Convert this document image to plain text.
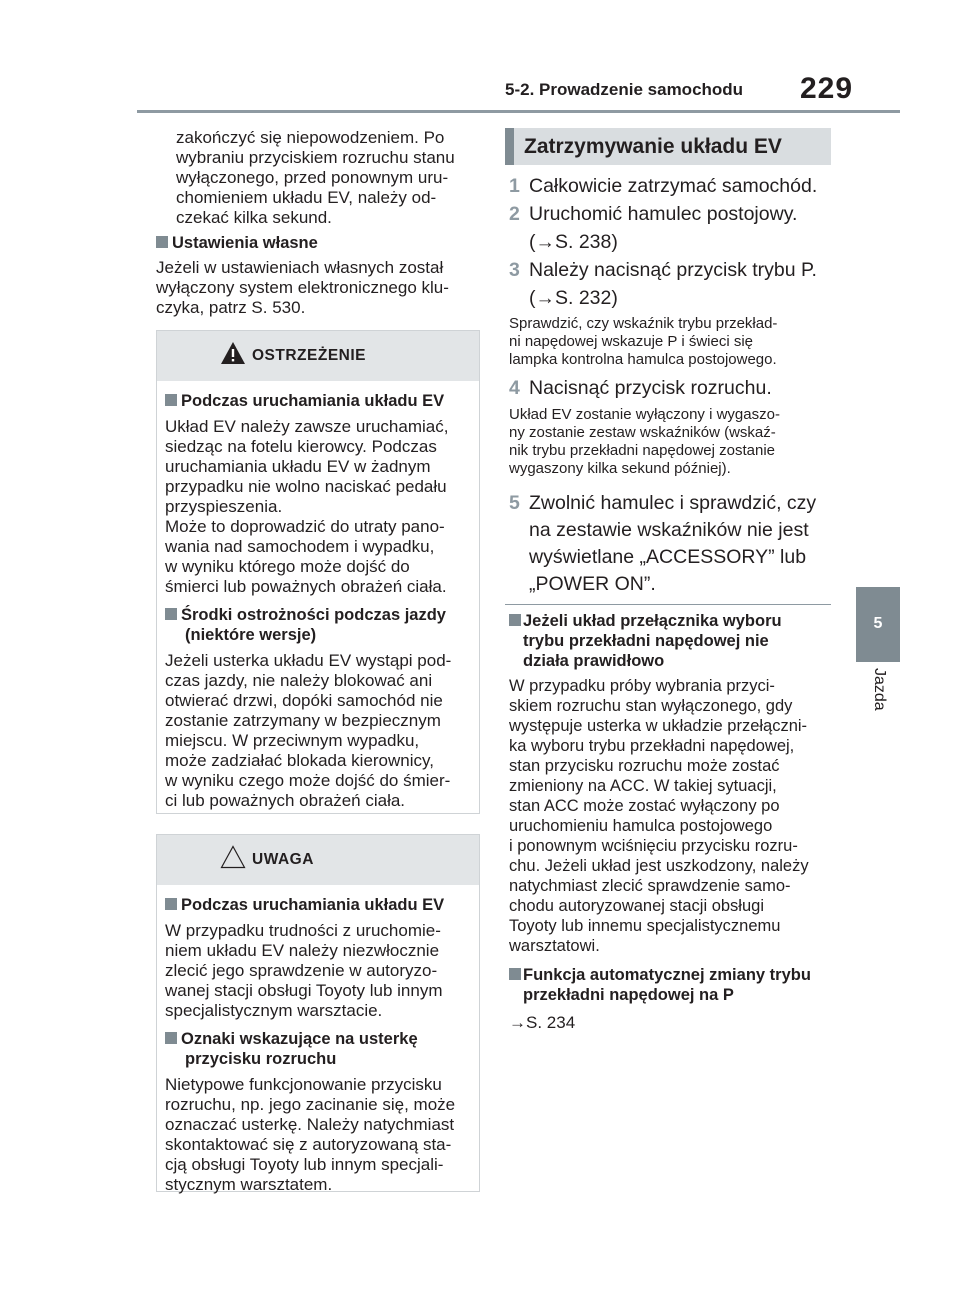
5-2. Prowadzenie samochodu 229
5
Jazda
zakończyć się niepowodzeniem. Po
wybraniu przyciskiem rozruchu stanu
wyłączonego, przed ponownym uru-
chomieniem układu EV, należy od-
czekać kilka sekund.
Ustawienia własne
Jeżeli w ustawieniach własnych został
wyłączony system elektronicznego klu-
czyka, patrz S. 530.
OSTRZEŻENIE
Podczas uruchamiania układu EV
Układ EV należy zawsze uruchamiać,
siedząc na fotelu kierowcy. Podczas
uruchamiania układu EV w żadnym
przypadku nie wolno naciskać pedału
przyspieszenia.
Może to doprowadzić do utraty pano-
wania nad samochodem i wypadku,
w wyniku którego może dojść do
śmierci lub poważnych obrażeń ciała.
Środki ostrożności podczas jazdy
(niektóre wersje)
Jeżeli usterka układu EV wystąpi pod-
czas jazdy, nie należy blokować ani
otwierać drzwi, dopóki samochód nie
zostanie zatrzymany w bezpiecznym
miejscu. W przeciwnym wypadku,
może zadziałać blokada kierownicy,
w wyniku czego może dojść do śmier-
ci lub poważnych obrażeń ciała.
UWAGA
Podczas uruchamiania układu EV
W przypadku trudności z uruchomie-
niem układu EV należy niezwłocznie
zlecić jego sprawdzenie w autoryzo-
wanej stacji obsługi Toyoty lub innym
specjalistycznym warsztacie.
Oznaki wskazujące na usterkę
przycisku rozruchu
Nietypowe funkcjonowanie przycisku
rozruchu, np. jego zacinanie się, może
oznaczać usterkę. Należy natychmiast
skontaktować się z autoryzowaną sta-
cją obsługi Toyoty lub innym specjali-
stycznym warsztatem.
Zatrzymywanie układu EV
1 Całkowicie zatrzymać samochód.
2 Uruchomić hamulec postojowy.
(→S. 238)
3 Należy nacisnąć przycisk trybu P.
(→S. 232)
Sprawdzić, czy wskaźnik trybu przekład-
ni napędowej wskazuje P i świeci się
lampka kontrolna hamulca postojowego.
4 Nacisnąć przycisk rozruchu.
Układ EV zostanie wyłączony i wygaszo-
ny zostanie zestaw wskaźników (wskaź-
nik trybu przekładni napędowej zostanie
wygaszony kilka sekund później).
5 Zwolnić hamulec i sprawdzić, czy
na zestawie wskaźników nie jest
wyświetlane „ACCESSORY” lub
„POWER ON”.
Jeżeli układ przełącznika wyboru
trybu przekładni napędowej nie
działa prawidłowo
W przypadku próby wybrania przyci-
skiem rozruchu stan wyłączonego, gdy
występuje usterka w układzie przełączni-
ka wyboru trybu przekładni napędowej,
stan przycisku rozruchu może zostać
zmieniony na ACC. W takiej sytuacji,
stan ACC może zostać wyłączony po
uruchomieniu hamulca postojowego
i ponownym wciśnięciu przycisku rozru-
chu. Jeżeli układ jest uszkodzony, należy
natychmiast zlecić sprawdzenie samo-
chodu autoryzowanej stacji obsługi
Toyoty lub innemu specjalistycznemu
warsztatowi.
Funkcja automatycznej zmiany trybu
przekładni napędowej na P
→S. 234
